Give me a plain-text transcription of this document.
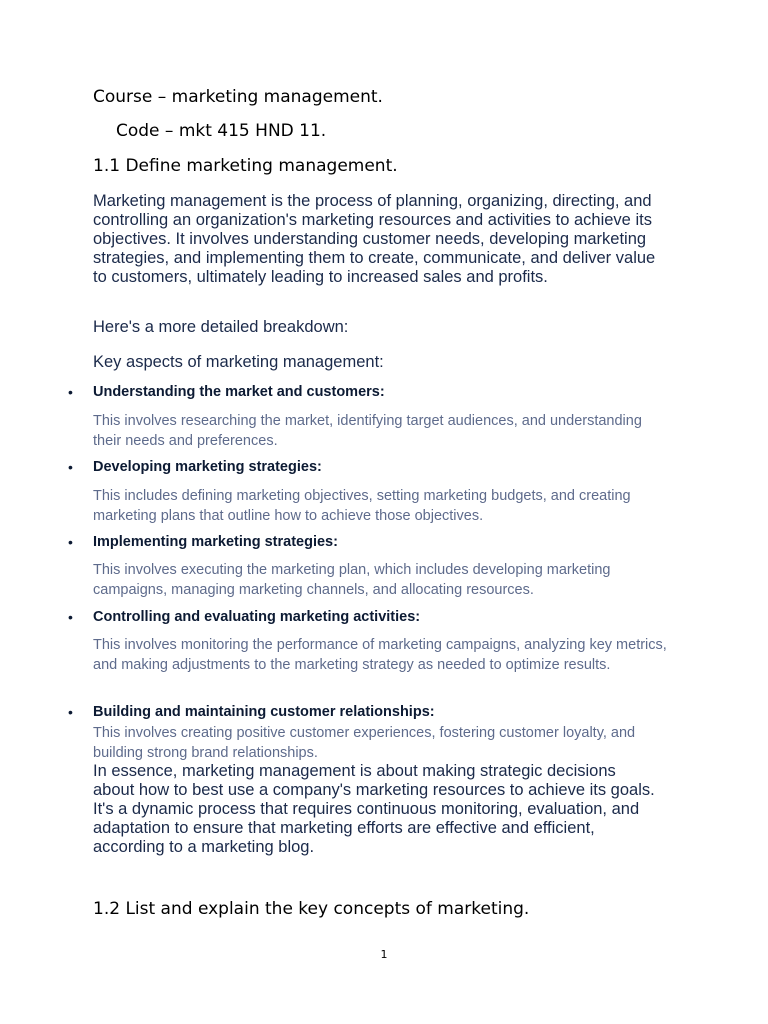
Course – marketing management.

Code – mkt 415 HND 11.

1.1 Define marketing management.

Marketing management is the process of planning, organizing, directing, and controlling an organization's marketing resources and activities to achieve its objectives. It involves understanding customer needs, developing marketing strategies, and implementing them to create, communicate, and deliver value to customers, ultimately leading to increased sales and profits.

Here's a more detailed breakdown:

Key aspects of marketing management:

• Understanding the market and customers:

This involves researching the market, identifying target audiences, and understanding their needs and preferences.

• Developing marketing strategies:

This includes defining marketing objectives, setting marketing budgets, and creating marketing plans that outline how to achieve those objectives.

• Implementing marketing strategies:

This involves executing the marketing plan, which includes developing marketing campaigns, managing marketing channels, and allocating resources.

• Controlling and evaluating marketing activities:

This involves monitoring the performance of marketing campaigns, analyzing key metrics, and making adjustments to the marketing strategy as needed to optimize results.

• Building and maintaining customer relationships:

This involves creating positive customer experiences, fostering customer loyalty, and building strong brand relationships.

In essence, marketing management is about making strategic decisions about how to best use a company's marketing resources to achieve its goals. It's a dynamic process that requires continuous monitoring, evaluation, and adaptation to ensure that marketing efforts are effective and efficient, according to a marketing blog.

1.2 List and explain the key concepts of marketing.

1
